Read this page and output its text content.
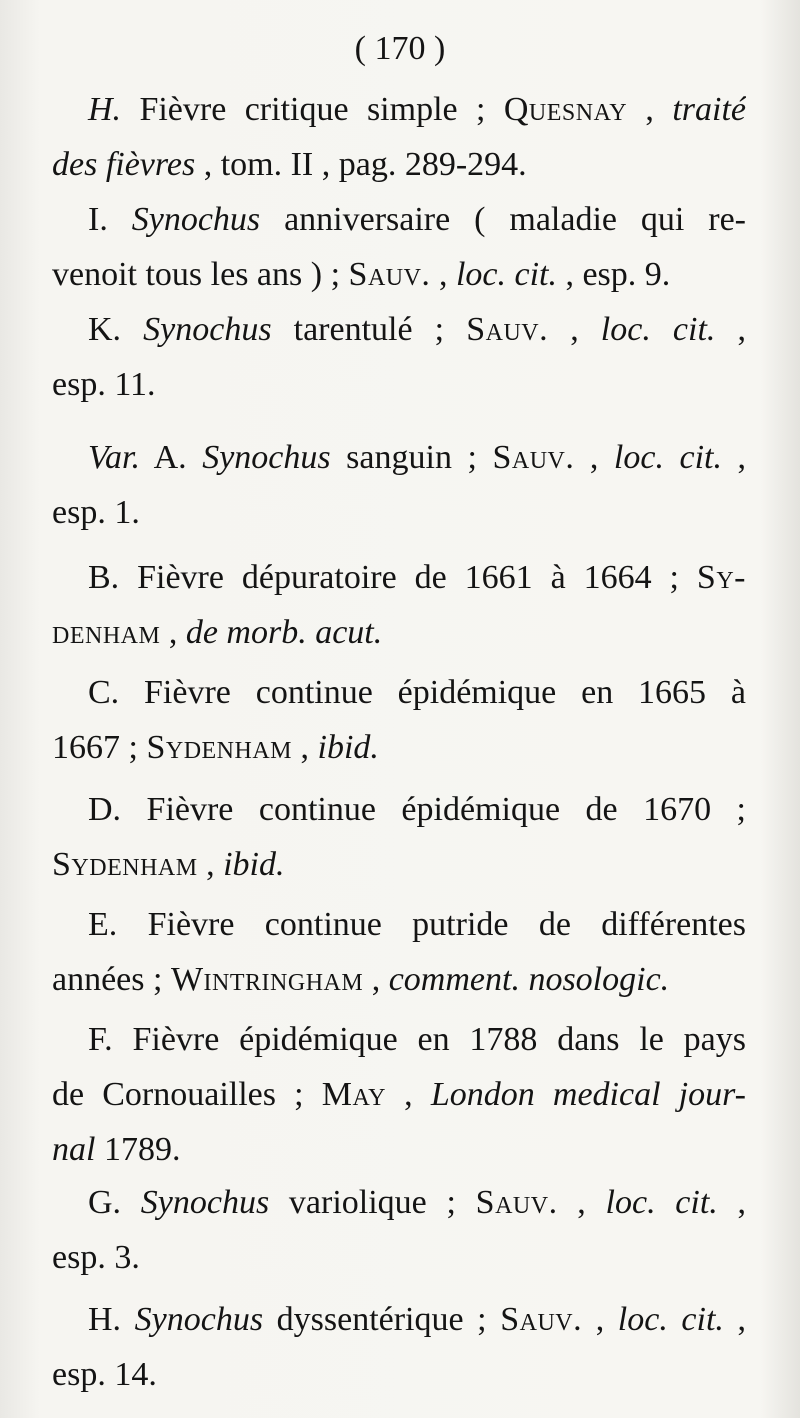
( 170 )
H. Fièvre critique simple ; Quesnay , traité
des fièvres , tom. II , pag. 289-294.
I. Synochus anniversaire ( maladie qui re-
venoit tous les ans ) ; Sauv. , loc. cit. , esp. 9.
K. Synochus tarentulé ; Sauv. , loc. cit. ,
esp. 11.
Var. A. Synochus sanguin ; Sauv. , loc. cit. ,
esp. 1.
B. Fièvre dépuratoire de 1661 à 1664 ; Sy-
denham , de morb. acut.
C. Fièvre continue épidémique en 1665 à
1667 ; Sydenham , ibid.
D. Fièvre continue épidémique de 1670 ;
Sydenham , ibid.
E. Fièvre continue putride de différentes
années ; Wintringham , comment. nosologic.
F. Fièvre épidémique en 1788 dans le pays
de Cornouailles ; May , London medical jour-
nal 1789.
G. Synochus variolique ; Sauv. , loc. cit. ,
esp. 3.
H. Synochus dyssentérique ; Sauv. , loc. cit. ,
esp. 14.
